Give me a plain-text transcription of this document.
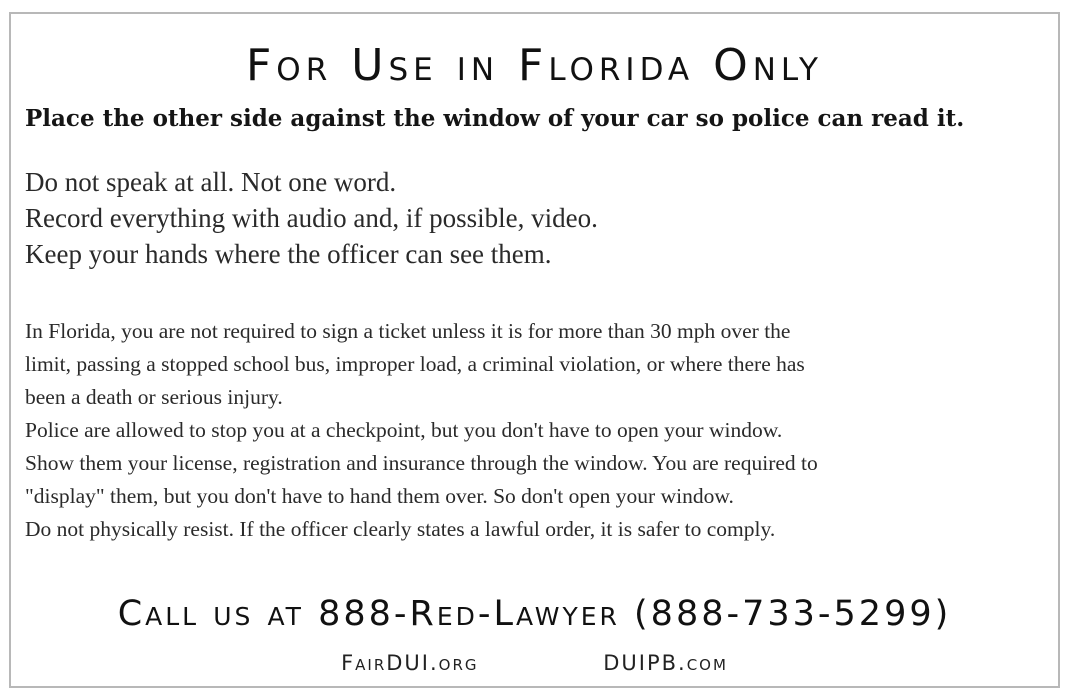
For Use in Florida Only
Place the other side against the window of your car so police can read it.
Do not speak at all. Not one word.
Record everything with audio and, if possible, video.
Keep your hands where the officer can see them.
In Florida, you are not required to sign a ticket unless it is for more than 30 mph over the
limit, passing a stopped school bus, improper load, a criminal violation, or where there has
been a death or serious injury.
Police are allowed to stop you at a checkpoint, but you don't have to open your window.
Show them your license, registration and insurance through the window. You are required to
"display" them, but you don't have to hand them over. So don't open your window.
Do not physically resist. If the officer clearly states a lawful order, it is safer to comply.
Call us at 888-Red-Lawyer (888-733-5299)
FairDUI.org	DUIPB.com
